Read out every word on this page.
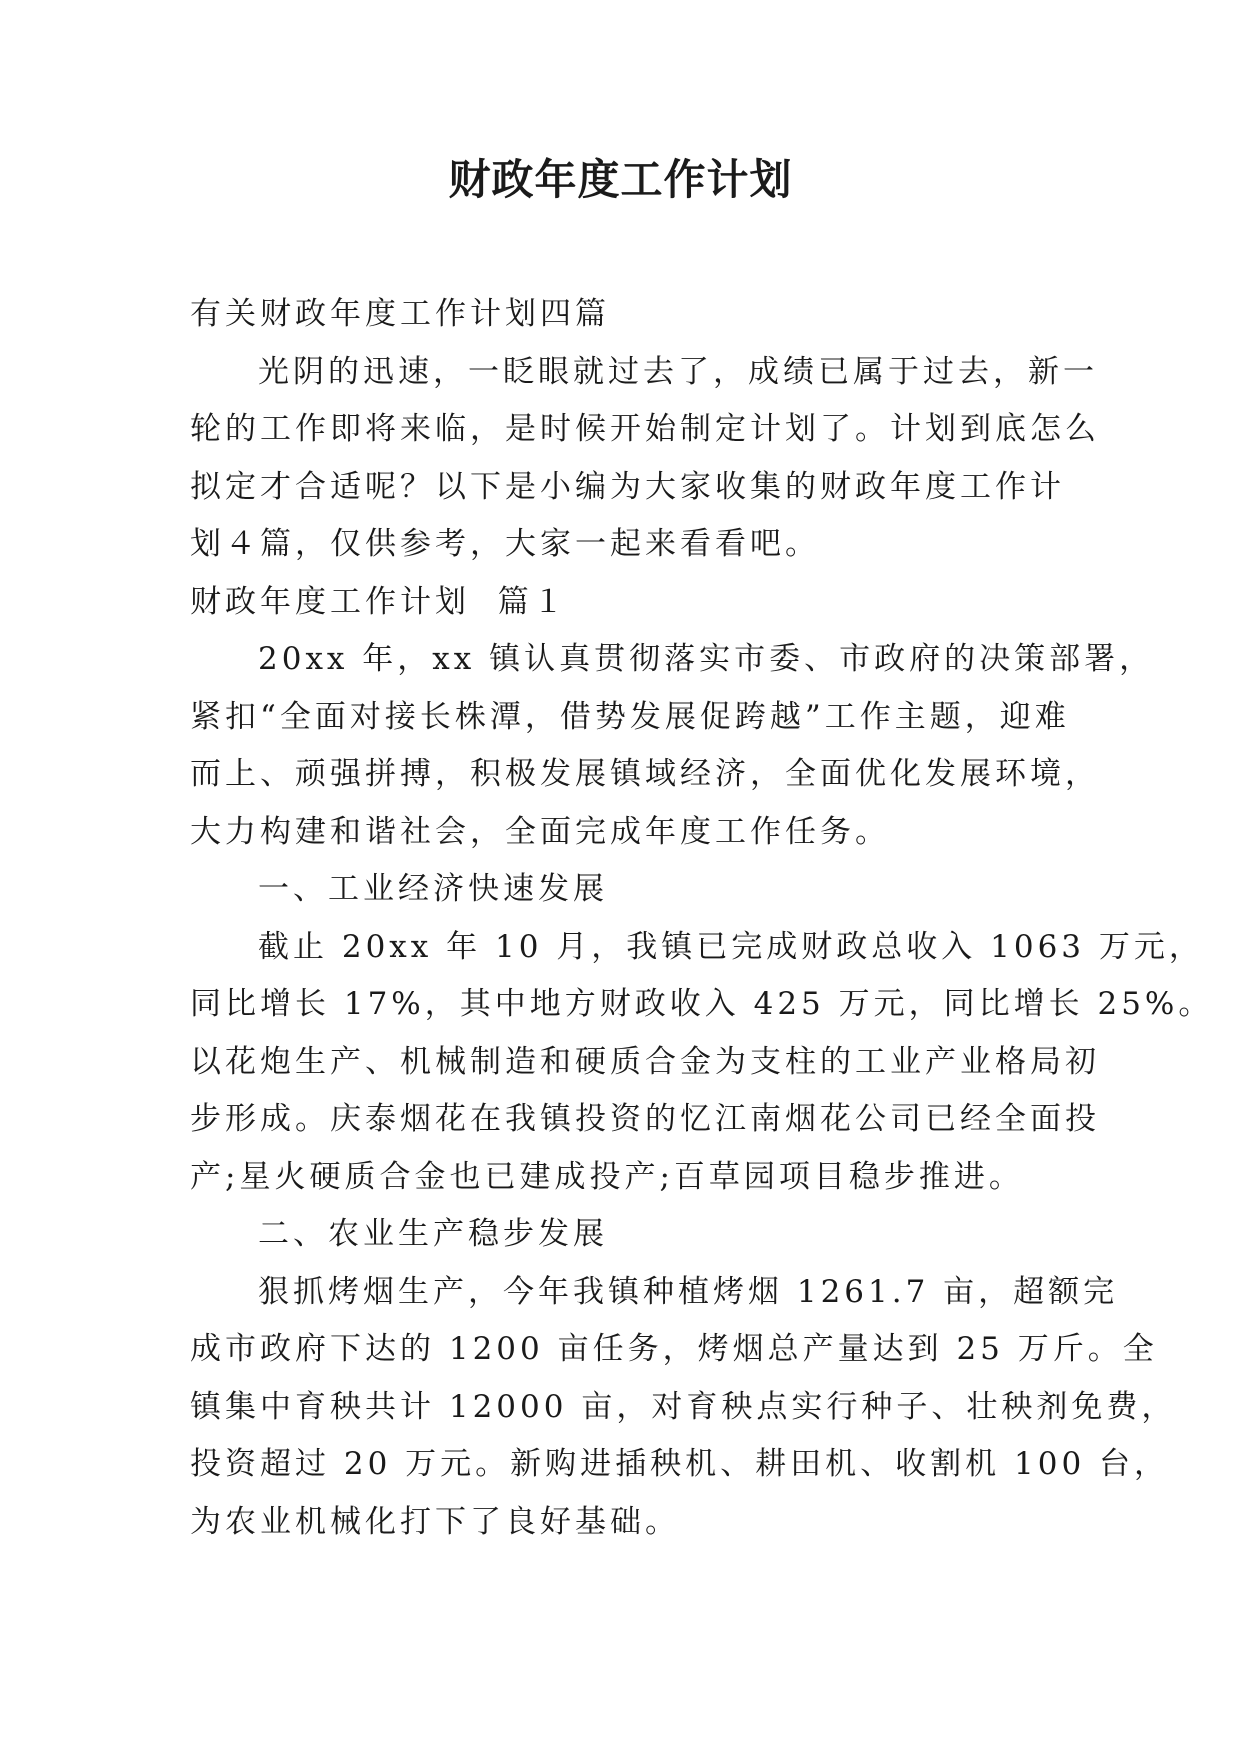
财政年度工作计划

有关财政年度工作计划四篇

光阴的迅速，一眨眼就过去了，成绩已属于过去，新一

轮的工作即将来临，是时候开始制定计划了。计划到底怎么

拟定才合适呢？以下是小编为大家收集的财政年度工作计

划４篇，仅供参考，大家一起来看看吧。

财政年度工作计划  篇１

20xx 年，xx 镇认真贯彻落实市委、市政府的决策部署，

紧扣“全面对接长株潭，借势发展促跨越”工作主题，迎难

而上、顽强拼搏，积极发展镇域经济，全面优化发展环境，

大力构建和谐社会，全面完成年度工作任务。

一、工业经济快速发展

截止 20xx 年 10 月，我镇已完成财政总收入 1063 万元，

同比增长 17%，其中地方财政收入 425 万元，同比增长 25%。

以花炮生产、机械制造和硬质合金为支柱的工业产业格局初

步形成。庆泰烟花在我镇投资的忆江南烟花公司已经全面投

产;星火硬质合金也已建成投产;百草园项目稳步推进。

二、农业生产稳步发展

狠抓烤烟生产，今年我镇种植烤烟 1261.7 亩，超额完

成市政府下达的 1200 亩任务，烤烟总产量达到 25 万斤。全

镇集中育秧共计 12000 亩，对育秧点实行种子、壮秧剂免费，

投资超过 20 万元。新购进插秧机、耕田机、收割机 100 台，

为农业机械化打下了良好基础。
